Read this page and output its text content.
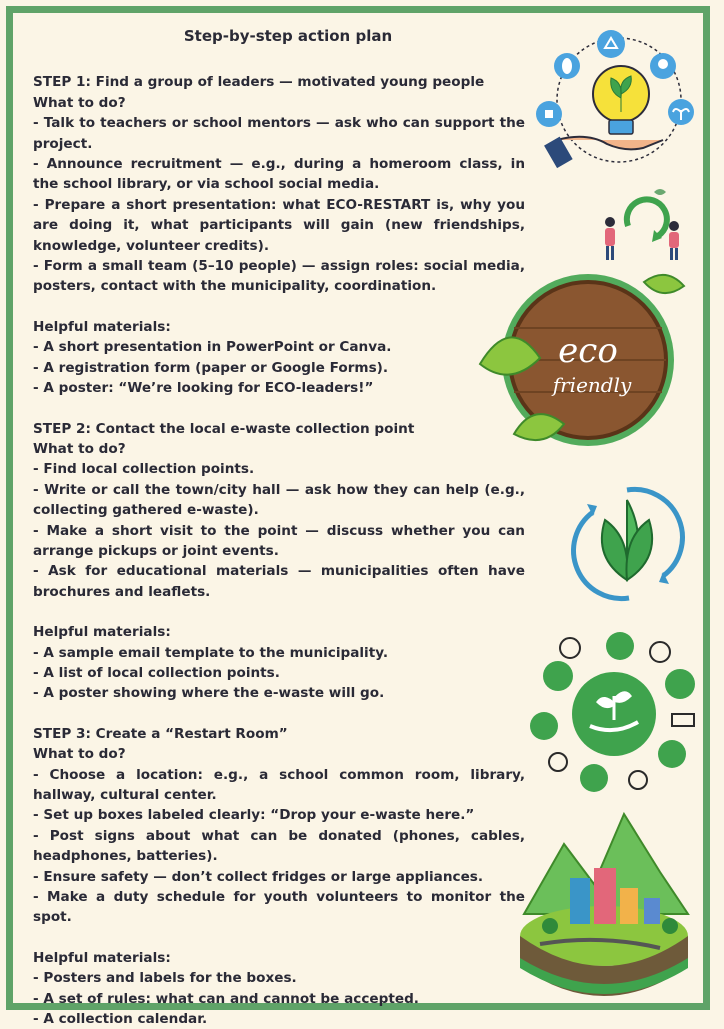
Step-by-step action plan

STEP 1: Find a group of leaders — motivated young people

What to do?

- Talk to teachers or school mentors — ask who can support the project.

- Announce recruitment — e.g., during a homeroom class, in the school library, or via school social media.

- Prepare a short presentation: what ECO-RESTART is, why you are doing it, what participants will gain (new friendships, knowledge, volunteer credits).

- Form a small team (5–10 people) — assign roles: social media, posters, contact with the municipality, coordination.

Helpful materials:

- A short presentation in PowerPoint or Canva.

- A registration form (paper or Google Forms).

- A poster: “We’re looking for ECO-leaders!”

STEP 2: Contact the local e-waste collection point

What to do?

- Find local collection points.

- Write or call the town/city hall — ask how they can help (e.g., collecting gathered e-waste).

- Make a short visit to the point — discuss whether you can arrange pickups or joint events.

- Ask for educational materials — municipalities often have brochures and leaflets.

Helpful materials:

- A sample email template to the municipality.

- A list of local collection points.

- A poster showing where the e-waste will go.

STEP 3: Create a “Restart Room”

What to do?

- Choose a location: e.g., a school common room, library, hallway, cultural center.

- Set up boxes labeled clearly: “Drop your e-waste here.”

- Post signs about what can be donated (phones, cables, headphones, batteries).

- Ensure safety — don’t collect fridges or large appliances.

- Make a duty schedule for youth volunteers to monitor the spot.

Helpful materials:

- Posters and labels for the boxes.

- A set of rules: what can and cannot be accepted.

- A collection calendar.

eco
friendly
